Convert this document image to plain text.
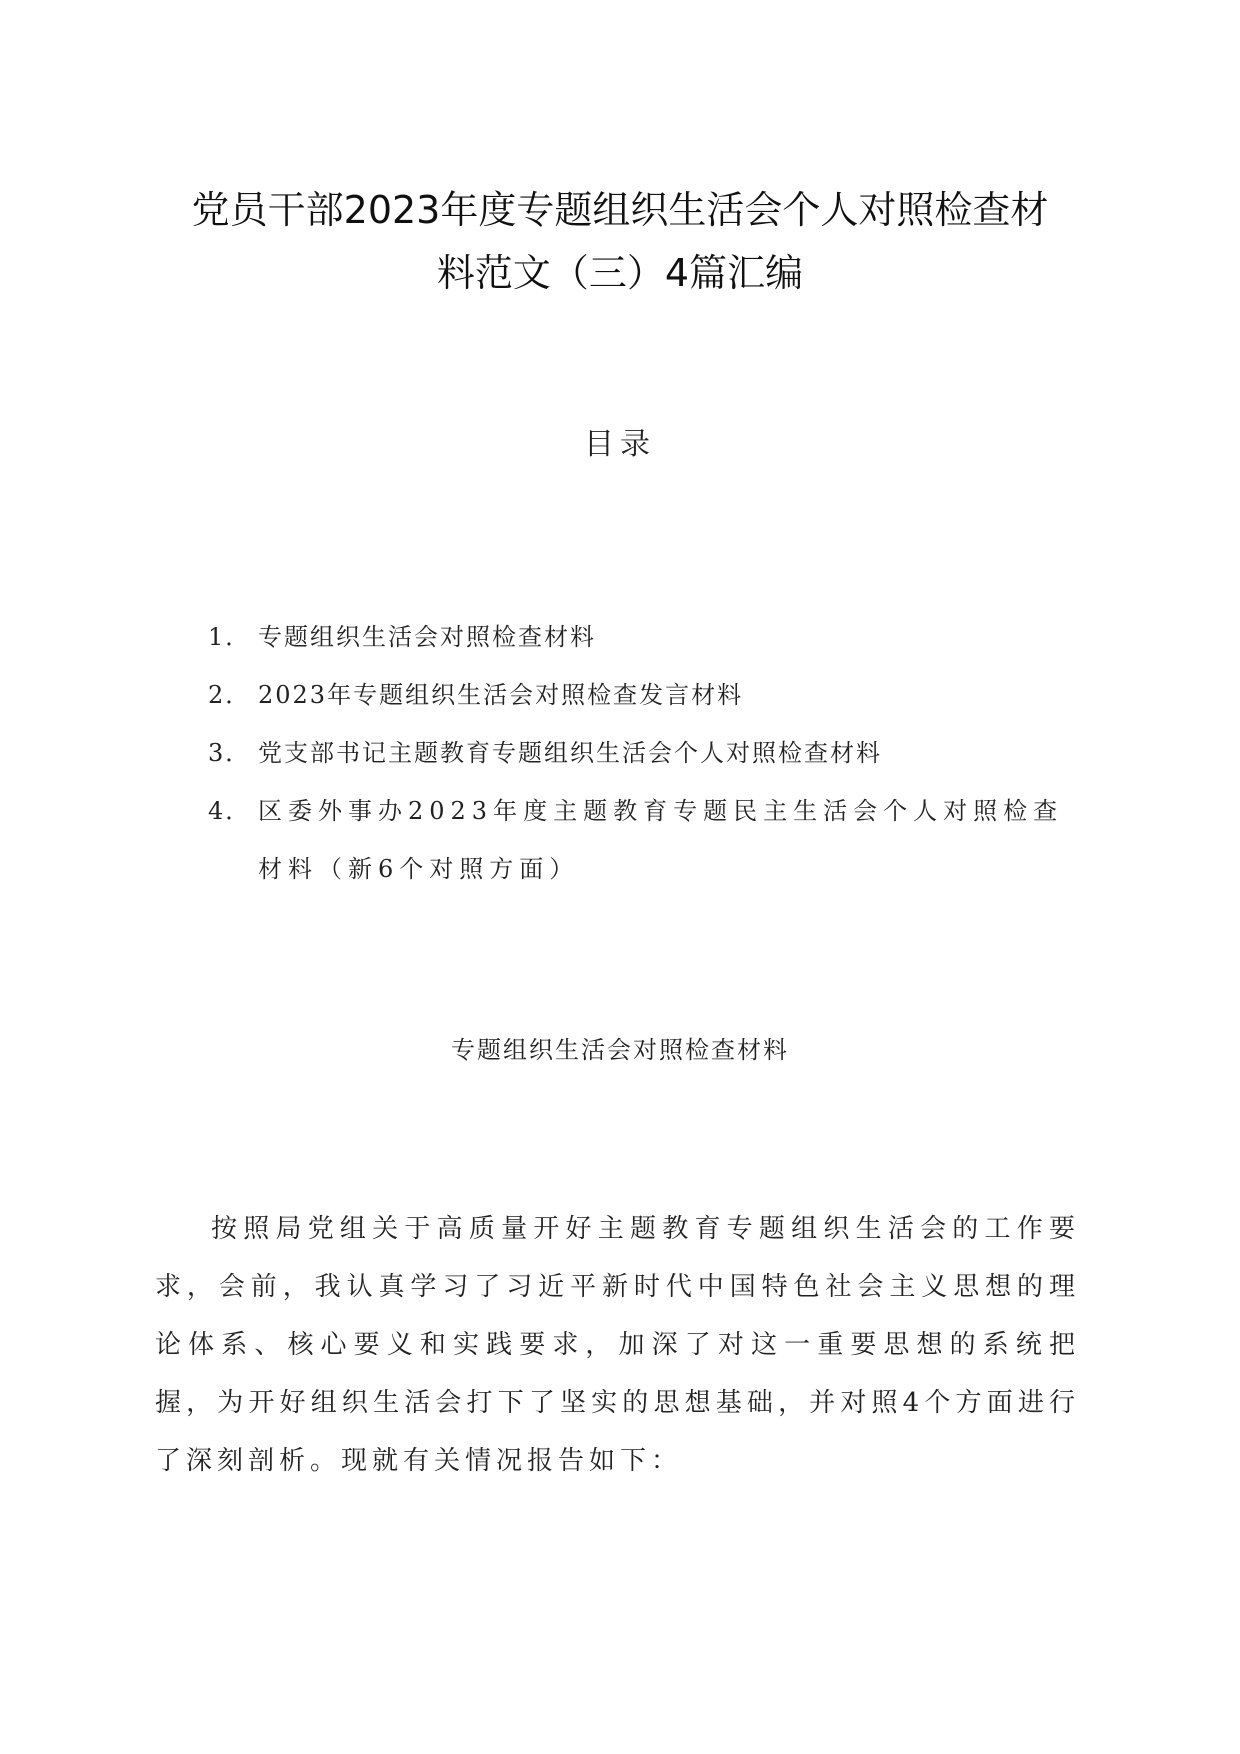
党员干部2023年度专题组织生活会个人对照检查材
料范文（三）4篇汇编
目录
1． 专题组织生活会对照检查材料
2． 2023年专题组织生活会对照检查发言材料
3． 党支部书记主题教育专题组织生活会个人对照检查材料
4． 区委外事办2023年度主题教育专题民主生活会个人对照检查材料（新6个对照方面）
专题组织生活会对照检查材料

按照局党组关于高质量开好主题教育专题组织生活会的工作要求，会前，我认真学习了习近平新时代中国特色社会主义思想的理论体系、核心要义和实践要求，加深了对这一重要思想的系统把握，为开好组织生活会打下了坚实的思想基础，并对照4个方面进行了深刻剖析。现就有关情况报告如下：
